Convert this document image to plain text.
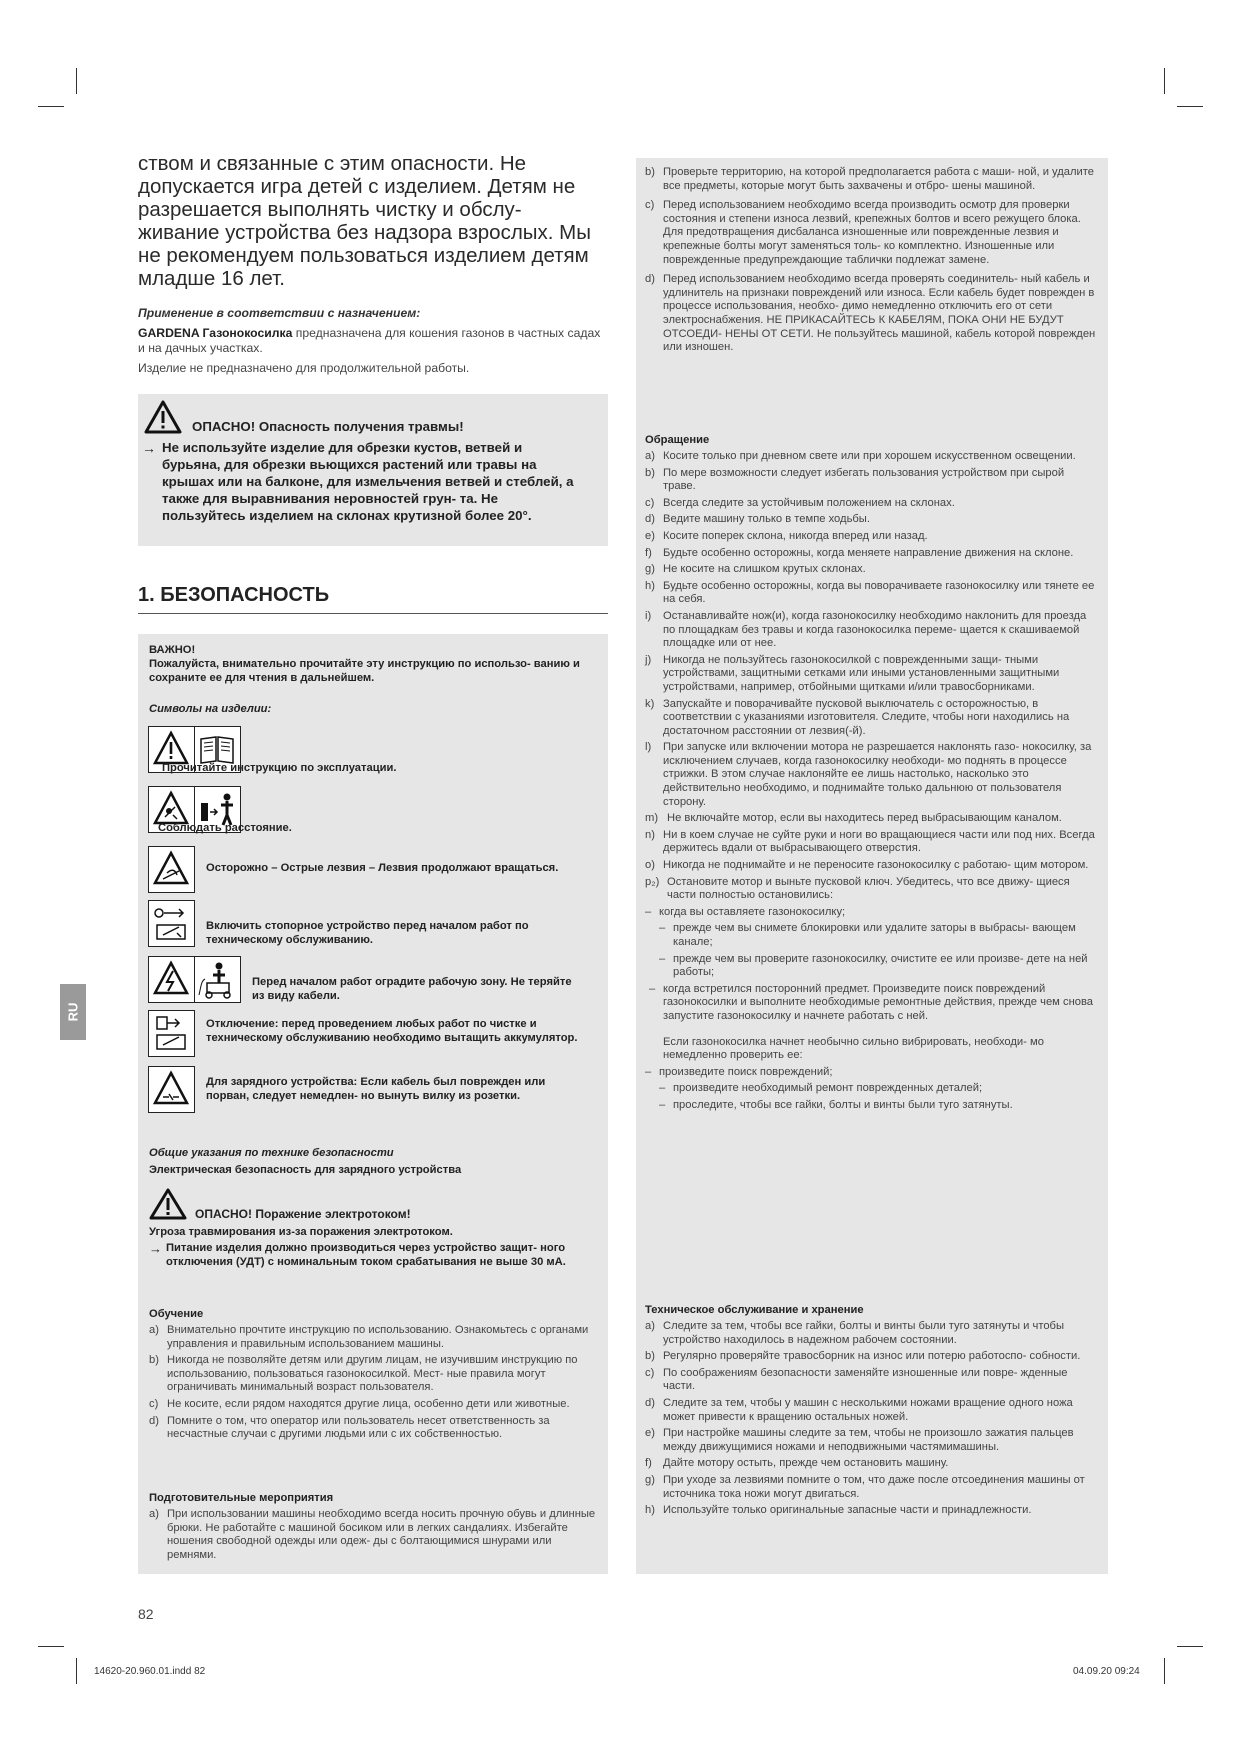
ством и связанные с этим опасности. Не допускается игра детей с изделием. Детям не разрешается выполнять чистку и обслу- живание устройства без надзора взрослых. Мы не рекомендуем пользоваться изделием детям младше 16 лет.

Применение в соответствии с назначением:

GARDENA Газонокосилка предназначена для кошения газонов в частных садах и на дачных участках.

Изделие не предназначено для продолжительной работы.

ОПАСНО! Опасность получения травмы!
→ Не используйте изделие для обрезки кустов, ветвей и бурьяна, для обрезки вьющихся растений или травы на крышах или на балконе, для измельчения ветвей и стеблей, а также для выравнивания неровностей грун- та. Не пользуйтесь изделием на склонах крутизной более 20°.
1. БЕЗОПАСНОСТЬ
ВАЖНО!
Пожалуйста, внимательно прочитайте эту инструкцию по использо- ванию и сохраните ее для чтения в дальнейшем.
Символы на изделии:
Прочитайте инструкцию по эксплуатации.
Соблюдать расстояние.
Осторожно – Острые лезвия – Лезвия продолжают вращаться.
Включить стопорное устройство перед началом работ по техническому обслуживанию.
Перед началом работ оградите рабочую зону. Не теряйте из виду кабели.
Отключение: перед проведением любых работ по чистке и техническому обслуживанию необходимо вытащить аккумулятор.
Для зарядного устройства: Если кабель был поврежден или порван, следует немедлен- но вынуть вилку из розетки.
Общие указания по технике безопасности
Электрическая безопасность для зарядного устройства
ОПАСНО! Поражение электротоком!
Угроза травмирования из-за поражения электротоком.
→ Питание изделия должно производиться через устройство защит- ного отключения (УДТ) с номинальным током срабатывания не выше 30 мА.
Обучение
a) Внимательно прочтите инструкцию по использованию. Ознакомьтесь с органами управления и правильным использованием машины.
b) Никогда не позволяйте детям или другим лицам, не изучившим инструкцию по использованию, пользоваться газонокосилкой. Мест- ные правила могут ограничивать минимальный возраст пользователя.
c) Не косите, если рядом находятся другие лица, особенно дети или животные.
d) Помните о том, что оператор или пользователь несет ответственность за несчастные случаи с другими людьми или с их собственностью.
Подготовительные мероприятия
a) При использовании машины необходимо всегда носить прочную обувь и длинные брюки. Не работайте с машиной босиком или в легких сандалиях. Избегайте ношения свободной одежды или одеж- ды с болтающимися шнурами или ремнями.
b) Проверьте территорию, на которой предполагается работа с маши- ной, и удалите все предметы, которые могут быть захвачены и отбро- шены машиной.
c) Перед использованием необходимо всегда производить осмотр для проверки состояния и степени износа лезвий, крепежных болтов и всего режущего блока. Для предотвращения дисбаланса изношенные или поврежденные лезвия и крепежные болты могут заменяться толь- ко комплектно. Изношенные или поврежденные предупреждающие таблички подлежат замене.
d) Перед использованием необходимо всегда проверять соединитель- ный кабель и удлинитель на признаки повреждений или износа. Если кабель будет поврежден в процессе использования, необхо- димо немедленно отключить его от сети электроснабжения. НЕ ПРИКАСАЙТЕСЬ К КАБЕЛЯМ, ПОКА ОНИ НЕ БУДУТ ОТСОЕДИ- НЕНЫ ОТ СЕТИ. Не пользуйтесь машиной, кабель которой поврежден или изношен.
Обращение
a) Косите только при дневном свете или при хорошем искусственном освещении.
b) По мере возможности следует избегать пользования устройством при сырой траве.
c) Всегда следите за устойчивым положением на склонах.
d) Ведите машину только в темпе ходьбы.
e) Косите поперек склона, никогда вперед или назад.
f) Будьте особенно осторожны, когда меняете направление движения на склоне.
g) Не косите на слишком крутых склонах.
h) Будьте особенно осторожны, когда вы поворачиваете газонокосилку или тянете ее на себя.
i)	Останавливайте нож(и), когда газонокосилку необходимо наклонить для проезда по площадкам без травы и когда газонокосилка переме- щается к скашиваемой площадке или от нее.
j)	Никогда не пользуйтесь газонокосилкой с поврежденными защи- тными устройствами, защитными сетками или иными установленными защитными устройствами, например, отбойными щитками и/или травосборниками.
k) Запускайте и поворачивайте пусковой выключатель с осторожностью, в соответствии с указаниями изготовителя. Следите, чтобы ноги находились на достаточном расстоянии от лезвия(-й).
l)	При запуске или включении мотора не разрешается наклонять газо- нокосилку, за исключением случаев, когда газонокосилку необходи- мо поднять в процессе стрижки. В этом случае наклоняйте ее лишь настолько, насколько это действительно необходимо, и поднимайте только дальнюю от пользователя сторону.
m) Не включайте мотор, если вы находитесь перед выбрасывающим каналом.
n) Ни в коем случае не суйте руки и ноги во вращающиеся части или под них. Всегда держитесь вдали от выбрасывающего отверстия.
o) Никогда не поднимайте и не переносите газонокосилку с работаю- щим мотором.
p₂) Остановите мотор и выньте пусковой ключ. Убедитесь, что все движу- щиеся части полностью остановились:
– когда вы оставляете газонокосилку;
– прежде чем вы снимете блокировки или удалите заторы в выбрасы- вающем канале;
– прежде чем вы проверите газонокосилку, очистите ее или произве- дете на ней работы;
– когда встретился посторонний предмет. Произведите поиск повреждений газонокосилки и выполните необходимые ремонтные действия, прежде чем снова запустите газонокосилку и начнете работать с ней.
Если газонокосилка начнет необычно сильно вибрировать, необходи- мо немедленно проверить ее:
– произведите поиск повреждений;
– произведите необходимый ремонт поврежденных деталей;
– проследите, чтобы все гайки, болты и винты были туго затянуты.
Техническое обслуживание и хранение
a) Следите за тем, чтобы все гайки, болты и винты были туго затянуты и чтобы устройство находилось в надежном рабочем состоянии.
b) Регулярно проверяйте травосборник на износ или потерю работоспо- собности.
c) По соображениям безопасности заменяйте изношенные или повре- жденные части.
d) Следите за тем, чтобы у машин с несколькими ножами вращение одного ножа может привести к вращению остальных ножей.
e) При настройке машины следите за тем, чтобы не произошло зажатия пальцев между движущимися ножами и неподвижными частямимашины.
f) Дайте мотору остыть, прежде чем остановить машину.
g) При уходе за лезвиями помните о том, что даже после отсоединения машины от источника тока ножи могут двигаться.
h) Используйте только оригинальные запасные части и принадлежности.
RU
82
14620-20.960.01.indd 82	04.09.20 09:24
